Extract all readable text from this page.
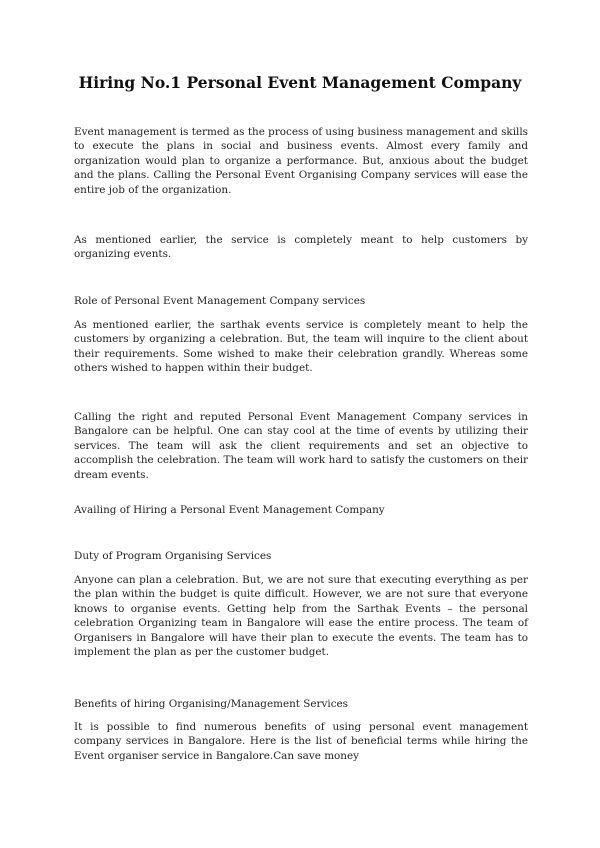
Hiring No.1 Personal Event Management Company

Event management is termed as the process of using business management and skills to execute the plans in social and business events. Almost every family and organization would plan to organize a performance. But, anxious about the budget and the plans. Calling the Personal Event Organising Company services will ease the entire job of the organization.

As mentioned earlier, the service is completely meant to help customers by organizing events.

Role of Personal Event Management Company services

As mentioned earlier, the sarthak events service is completely meant to help the customers by organizing a celebration. But, the team will inquire to the client about their requirements. Some wished to make their celebration grandly. Whereas some others wished to happen within their budget.

Calling the right and reputed Personal Event Management Company services in Bangalore can be helpful. One can stay cool at the time of events by utilizing their services. The team will ask the client requirements and set an objective to accomplish the celebration. The team will work hard to satisfy the customers on their dream events.

Availing of Hiring a Personal Event Management Company

Duty of Program Organising Services

Anyone can plan a celebration. But, we are not sure that executing everything as per the plan within the budget is quite difficult. However, we are not sure that everyone knows to organise events. Getting help from the Sarthak Events – the personal celebration Organizing team in Bangalore will ease the entire process. The team of Organisers in Bangalore will have their plan to execute the events. The team has to implement the plan as per the customer budget.

Benefits of hiring Organising/Management Services

It is possible to find numerous benefits of using personal event management company services in Bangalore. Here is the list of beneficial terms while hiring the Event organiser service in Bangalore.Can save money
